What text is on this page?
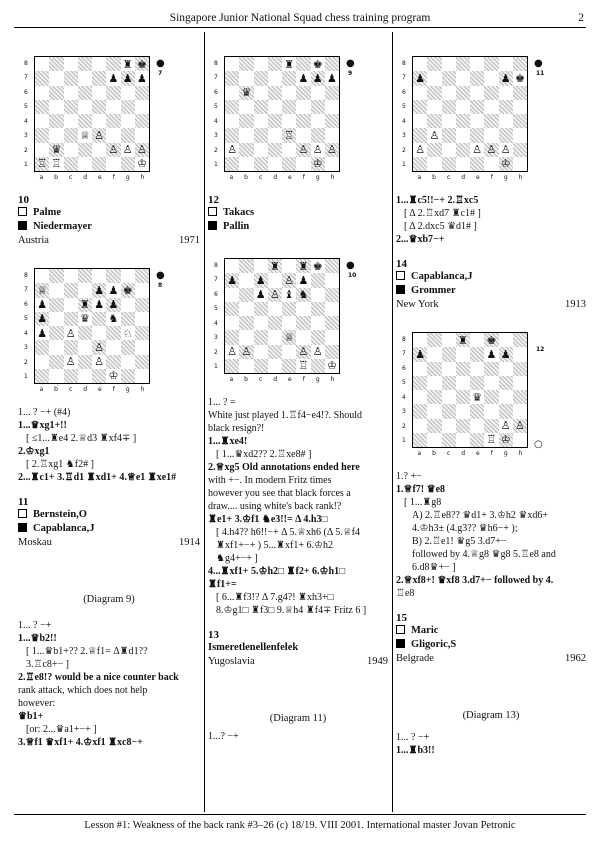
Singapore Junior National Squad chess training program	2
♜ ♚
♟ ♟ ♟
♕ ♙
♛	♙ ♙ ♙
♖ ♖	♔
8
7
6
5
4
3
2
1
a b c d e f g h
●
7
10
Palme
Niedermayer
Austria	1971
♕	♟ ♟ ♚
♟	♜ ♟ ♟
♟	♛ ♞
♟ ♙	♘
♙
♙ ♙
♔
8
7
6
5
4
3
2
1
a b c d e f g h
●
8
1... ? −+ (#4)
1...♛xg1+!!
[ ≤1...♜e4 2.♕d3 ♜xf4∓ ]
2.♔xg1
[ 2.♖xg1 ♞f2# ]
2...♜c1+ 3.♖d1 ♜xd1+ 4.♕e1 ♜xe1#
11
Bernstein,O
Capablanca,J
Moskau	1914
(Diagram 9)
1... ? −+
1...♛b2!!
[ 1...♛b1+?? 2.♕f1= Δ♜d1??
3.♖c8+− ]
2.♖e8!? would be a nice counter back
rank attack, which does not help
however:
♛b1+
[or: 2...♛a1+−+ ]
3.♕f1 ♛xf1+ 4.♔xf1 ♜xc8−+
♜ ♚
♟ ♟ ♟
♛
♖
♙	♙ ♙ ♙
♔
8
7
6
5
4
3
2
1
a b c d e f g h
●
9
12
Takacs
Pallin
♜ ♜ ♚
♟ ♟ ♙ ♟
♟ ♙ ♝ ♞
♕
♙ ♙	♙ ♙
♖ ♔
8
7
6
5
4
3
2
1
a b c d e f g h
●
10
1... ? =
White just played 1.♖f4−e4!?. Should
black resign?!
1...♜xe4!
[ 1...♛xd2?? 2.♖xe8# ]
2.♕xg5 Old annotations ended here
with +−. In modern Fritz times
however you see that black forces a
draw.... using white's back rank!?
♜e1+ 3.♔f1 ♞e3!!= Δ 4.h3□
[ 4.h4?? h6!!−+ Δ 5.♕xh6 (Δ 5.♕f4
♜xf1+−+ ) 5...♜xf1+ 6.♔h2
♞g4+−+ ]
4...♜xf1+ 5.♔h2□ ♜f2+ 6.♔h1□
♜f1+=
[ 6...♜f3!? Δ 7.g4?! ♜xh3+□
8.♔g1□ ♜f3□ 9.♕h4 ♜f4∓ Fritz 6 ]
13
Ismeretlenellenfelek
Yugoslavia	1949
(Diagram 11)
1...? −+
♟	♟ ♚
♙
♙	♙ ♙ ♙
♔
8
7
6
5
4
3
2
1
a b c d e f g h
●
11
1...♜c5!!−+ 2.♖xc5
[ Δ 2.♖xd7 ♜c1# ]
[ Δ 2.dxc5 ♛d1# ]
2...♛xb7−+
14
Capablanca,J
Grommer
New York	1913
♜ ♚
♟	♟ ♟
♛
♙ ♙
♖ ♔
8
7
6
5
4
3
2
1
a b c d e f g h
○
12
1.? +−
1.♕f7! ♛e8
[ 1...♜g8
A) 2.♖e8?? ♛d1+ 3.♔h2 ♛xd6+
4.♔h3± (4.g3?? ♛h6−+ );
B) 2.♖e1! ♛g5 3.d7+−
followed by 4.♕g8 ♛g8 5.♖e8 and
6.d8♛+− ]
2.♕xf8+! ♛xf8 3.d7+− followed by 4.
♖e8
15
Maric
Gligoric,S
Belgrade	1962
(Diagram 13)
1... ? −+
1...♜b3!!
Lesson #1: Weakness of the back rank #3–26 (c) 18/19. VIII 2001. International master Jovan Petronic
